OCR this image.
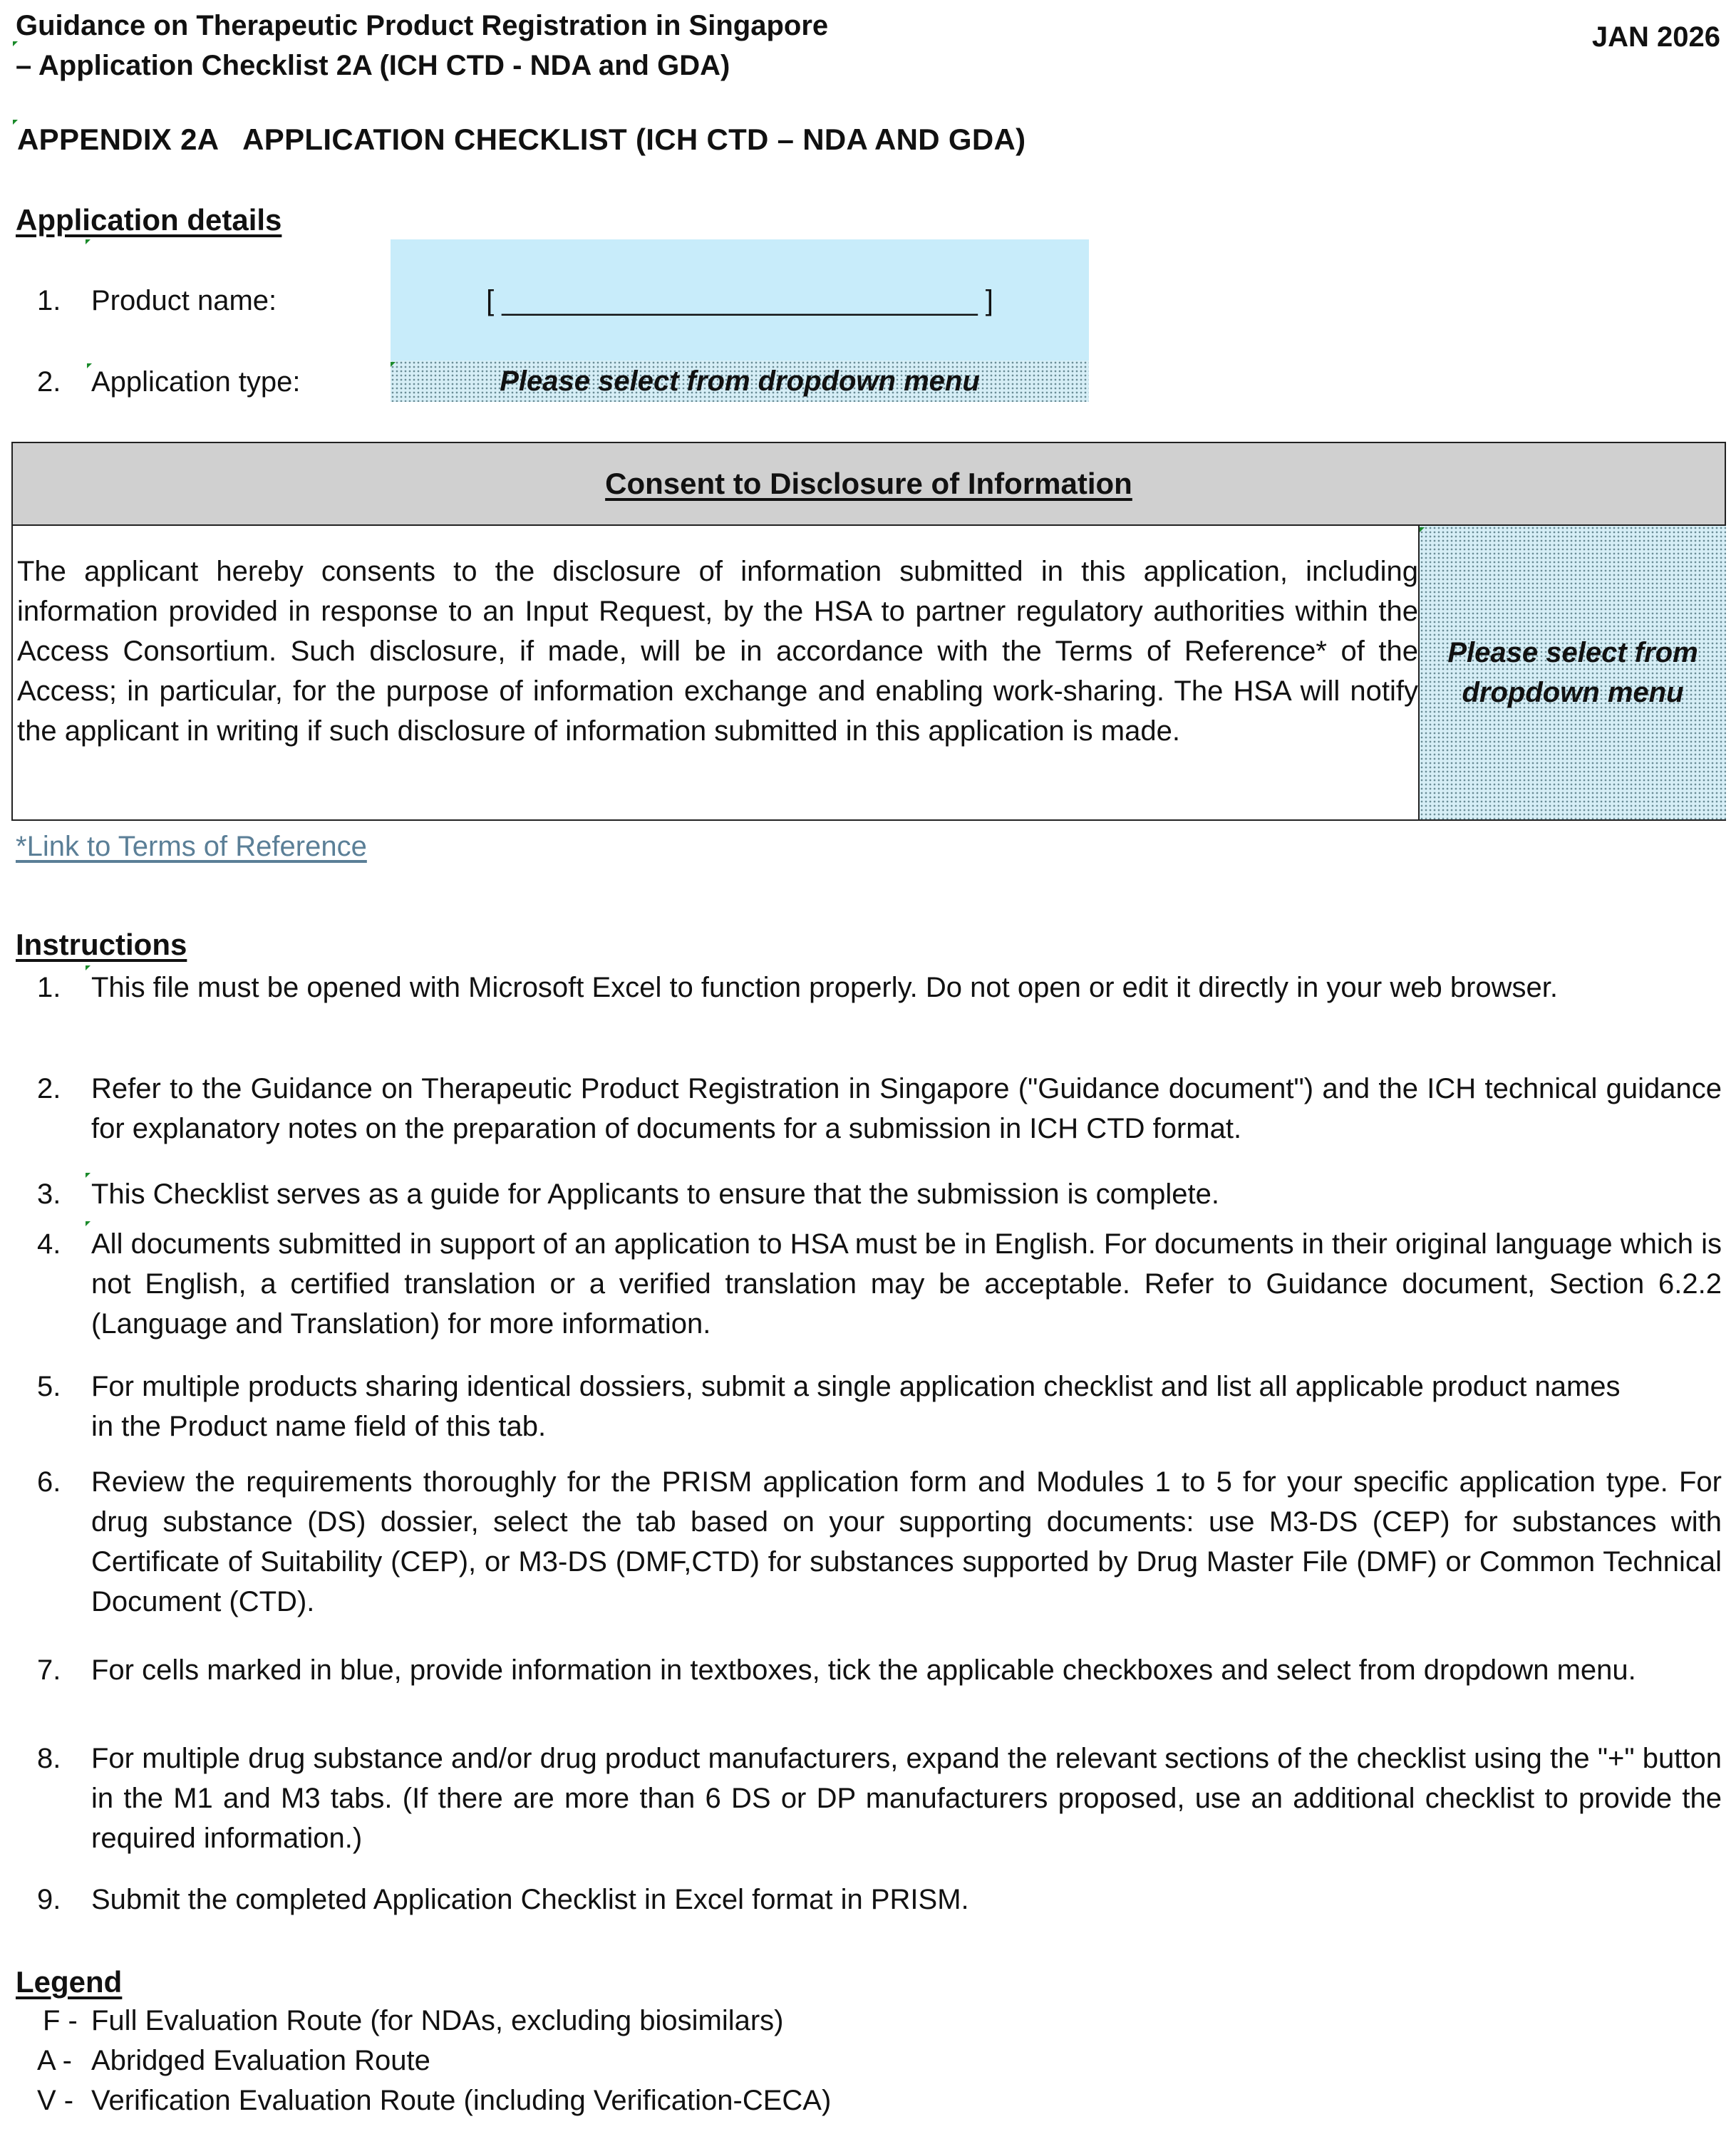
Guidance on Therapeutic Product Registration in Singapore
– Application Checklist 2A (ICH CTD - NDA and GDA)
JAN 2026
APPENDIX 2A   APPLICATION CHECKLIST (ICH CTD – NDA AND GDA)
Application details
1. Product name:	[ ______________________________ ]
2. Application type:	Please select from dropdown menu
Consent to Disclosure of Information
The applicant hereby consents to the disclosure of information submitted in this application, including information provided in response to an Input Request, by the HSA to partner regulatory authorities within the Access Consortium. Such disclosure, if made, will be in accordance with the Terms of Reference* of the Access; in particular, for the purpose of information exchange and enabling work-sharing. The HSA will notify the applicant in writing if such disclosure of information submitted in this application is made.
Please select from
dropdown menu
*Link to Terms of Reference
Instructions
1. This file must be opened with Microsoft Excel to function properly. Do not open or edit it directly in your web browser.
2. Refer to the Guidance on Therapeutic Product Registration in Singapore ("Guidance document") and the ICH technical guidance for explanatory notes on the preparation of documents for a submission in ICH CTD format.
3. This Checklist serves as a guide for Applicants to ensure that the submission is complete.
4. All documents submitted in support of an application to HSA must be in English. For documents in their original language which is not English, a certified translation or a verified translation may be acceptable. Refer to Guidance document, Section 6.2.2 (Language and Translation) for more information.
5. For multiple products sharing identical dossiers, submit a single application checklist and list all applicable product names in the Product name field of this tab.
6. Review the requirements thoroughly for the PRISM application form and Modules 1 to 5 for your specific application type. For drug substance (DS) dossier, select the tab based on your supporting documents: use M3-DS (CEP) for substances with Certificate of Suitability (CEP), or M3-DS (DMF,CTD) for substances supported by Drug Master File (DMF) or Common Technical Document (CTD).
7. For cells marked in blue, provide information in textboxes, tick the applicable checkboxes and select from dropdown menu.
8. For multiple drug substance and/or drug product manufacturers, expand the relevant sections of the checklist using the "+" button in the M1 and M3 tabs. (If there are more than 6 DS or DP manufacturers proposed, use an additional checklist to provide the required information.)
9. Submit the completed Application Checklist in Excel format in PRISM.
Legend
F - Full Evaluation Route (for NDAs, excluding biosimilars)
A - Abridged Evaluation Route
V - Verification Evaluation Route (including Verification-CECA)
